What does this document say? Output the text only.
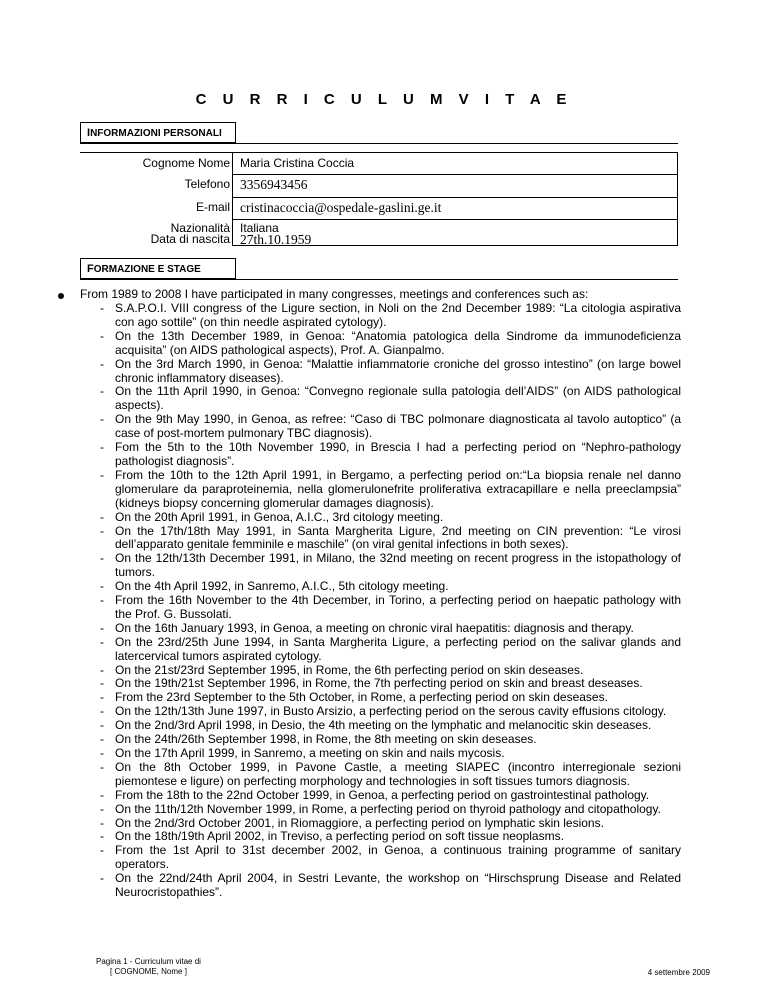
C U R R I C U L U M V I T A E
INFORMAZIONI PERSONALI
Cognome Nome Maria Cristina Coccia
Telefono 3356943456
E-mail cristinacoccia@ospedale-gaslini.ge.it
Nazionalità Italiana
Data di nascita 27th.10.1959
FORMAZIONE E STAGE
From 1989 to 2008 I have participated in many congresses, meetings and conferences such as:
- S.A.P.O.I. VIII congress of the Ligure section, in Noli on the 2nd December 1989: “La citologia aspirativa con ago sottile” (on thin needle aspirated cytology).
- On the 13th December 1989, in Genoa: “Anatomia patologica della Sindrome da immunodeficienza acquisita” (on AIDS pathological aspects), Prof. A. Gianpalmo.
- On the 3rd March 1990, in Genoa: “Malattie infiammatorie croniche del grosso intestino” (on large bowel chronic inflammatory diseases).
- On the 11th April 1990, in Genoa: “Convegno regionale sulla patologia dell’AIDS” (on AIDS pathological aspects).
- On the 9th May 1990, in Genoa, as refree: “Caso di TBC polmonare diagnosticata al tavolo autoptico” (a case of post-mortem pulmonary TBC diagnosis).
- Fom the 5th to the 10th November 1990, in Brescia I had a perfecting period on “Nephro-pathology pathologist diagnosis”.
- From the 10th to the 12th April 1991, in Bergamo, a perfecting period on:“La biopsia renale nel danno glomerulare da paraproteinemia, nella glomerulonefrite proliferativa extracapillare e nella preeclampsia” (kidneys biopsy concerning glomerular damages diagnosis).
- On the 20th April 1991, in Genoa, A.I.C., 3rd citology meeting.
- On the 17th/18th May 1991, in Santa Margherita Ligure, 2nd meeting on CIN prevention: “Le virosi dell’apparato genitale femminile e maschile” (on viral genital infections in both sexes).
- On the 12th/13th December 1991, in Milano, the 32nd meeting on recent progress in the istopathology of tumors.
- On the 4th April 1992, in Sanremo, A.I.C., 5th citology meeting.
- From the 16th November to the 4th December, in Torino, a perfecting period on haepatic pathology with the Prof. G. Bussolati.
- On the 16th January 1993, in Genoa, a meeting on chronic viral haepatitis: diagnosis and therapy.
- On the 23rd/25th June 1994, in Santa Margherita Ligure, a perfecting period on the salivar glands and latercervical tumors aspirated cytology.
- On the 21st/23rd September 1995, in Rome, the 6th perfecting period on skin deseases.
- On the 19th/21st September 1996, in Rome, the 7th perfecting period on skin and breast deseases.
- From the 23rd September to the 5th October, in Rome, a perfecting period on skin deseases.
- On the 12th/13th June 1997, in Busto Arsizio, a perfecting period on the serous cavity effusions citology.
- On the 2nd/3rd April 1998, in Desio, the 4th meeting on the lymphatic and melanocitic skin deseases.
- On the 24th/26th September 1998, in Rome, the 8th meeting on skin deseases.
- On the 17th April 1999, in Sanremo, a meeting on skin and nails mycosis.
- On the 8th October 1999, in Pavone Castle, a meeting SIAPEC (incontro interregionale sezioni piemontese e ligure) on perfecting morphology and technologies in soft tissues tumors diagnosis.
- From the 18th to the 22nd October 1999, in Genoa, a perfecting period on gastrointestinal pathology.
- On the 11th/12th November 1999, in Rome, a perfecting period on thyroid pathology and citopathology.
- On the 2nd/3rd October 2001, in Riomaggiore, a perfecting period on lymphatic skin lesions.
- On the 18th/19th April 2002, in Treviso, a perfecting period on soft tissue neoplasms.
- From the 1st April to 31st december 2002, in Genoa, a continuous training programme of sanitary operators.
- On the 22nd/24th April 2004, in Sestri Levante, the workshop on “Hirschsprung Disease and Related Neurocristopathies”.
Pagina 1 - Curriculum vitae di
[ COGNOME, Nome ]	4 settembre 2009
